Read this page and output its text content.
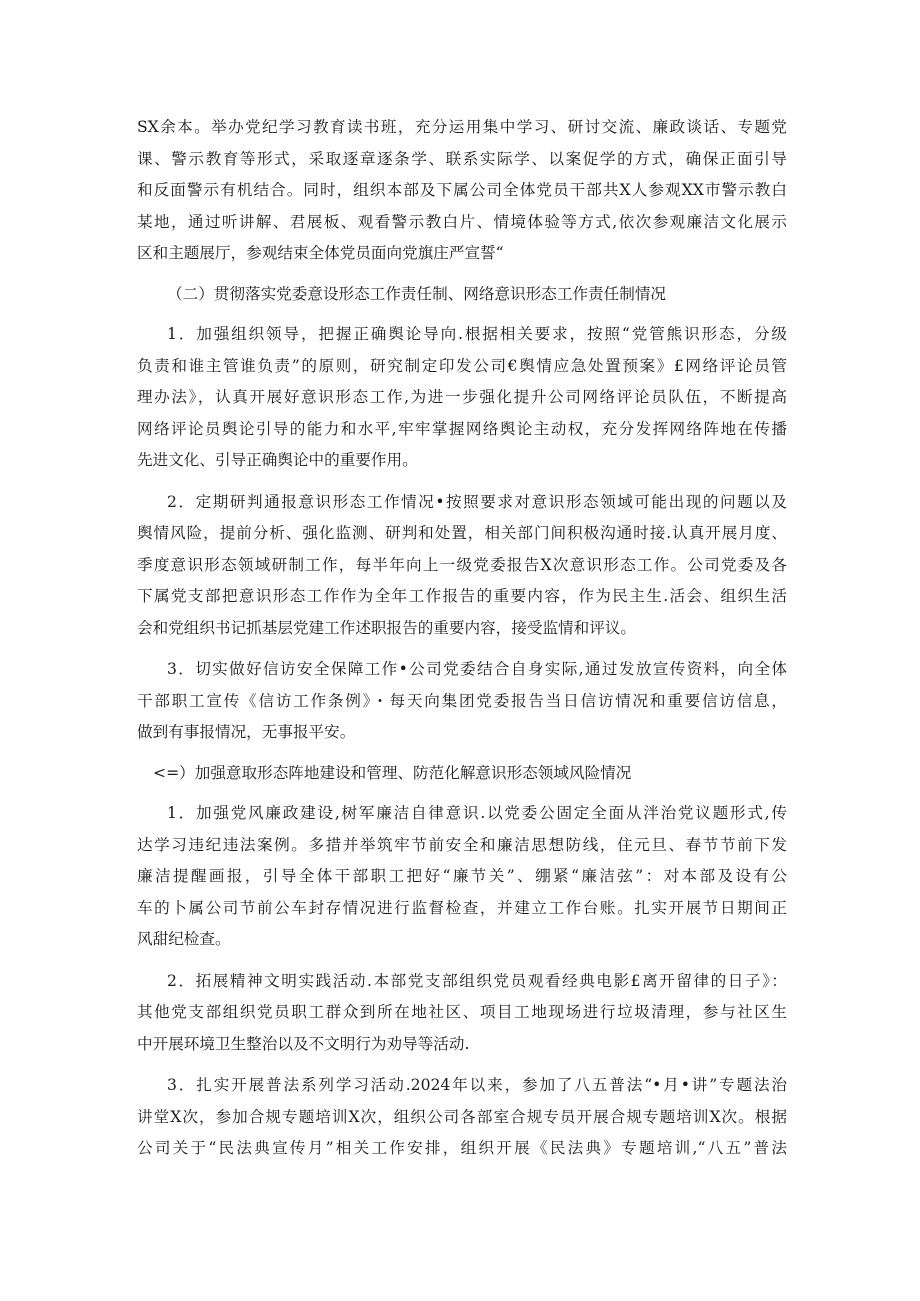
SX余本。举办党纪学习教育读书班，充分运用集中学习、研讨交流、廉政谈话、专题党
课、警示教育等形式，采取逐章逐条学、联系实际学、以案促学的方式，确保正面引导
和反面警示有机结合。同时，组织本部及下属公司全体党员干部共X人参观XX市警示教白
某地，通过听讲解、君展板、观看警示教白片、情境体验等方式,依次参观廉洁文化展示
区和主题展厅，参观结束全体党员面向党旗庄严宣誓“
（二）贯彻落实党委意设形态工作责任制、网络意识形态工作责任制情况
1．加强组织领导，把握正确舆论导向.根据相关要求，按照“党管熊识形态，分级
负责和谁主管谁负责”的原则，研究制定印发公司€舆情应急处置预案》£网络评论员管
理办法》，认真开展好意识形态工作,为进一步强化提升公司网络评论员队伍，不断提高
网络评论员舆论引导的能力和水平,牢牢掌握网络舆论主动权，充分发挥网络阵地在传播
先进文化、引导正确舆论中的重要作用。
2．定期研判通报意识形态工作情况•按照要求对意识形态领域可能出现的问题以及
舆情风险，提前分析、强化监测、研判和处置，相关部门间积极沟通时接.认真开展月度、
季度意识形态领域研制工作，每半年向上一级党委报告X次意识形态工作。公司党委及各
下属党支部把意识形态工作作为全年工作报告的重要内容，作为民主生.活会、组织生活
会和党组织书记抓基层党建工作述职报告的重要内容，接受监情和评议。
3．切实做好信访安全保障工作•公司党委结合自身实际,通过发放宣传资料，向全体
干部职工宣传《信访工作条例》・每天向集团党委报告当日信访情况和重要信访信息，
做到有事报情况，无事报平安。
<=）加强意取形态阵地建设和管理、防范化解意识形态领域风险情况
1．加强党风廉政建设,树军廉洁自律意识.以党委公固定全面从泮治党议题形式,传
达学习违纪违法案例。多措并举筑牢节前安全和廉洁思想防线，住元旦、春节节前下发
廉洁提醒画报，引导全体干部职工把好“廉节关”、绷紧“廉洁弦”：对本部及设有公
车的卜属公司节前公车封存情况进行监督检查，并建立工作台账。扎实开展节日期间正
风甜纪检查。
2．拓展精神文明实践活动.本部党支部组织党员观看经典电影£离开留律的日子》：
其他党支部组织党员职工群众到所在地社区、项目工地现场进行垃圾清理，参与社区生
中开展环境卫生整治以及不文明行为劝导等活动.
3．扎实开展普法系列学习活动.2024年以来，参加了八五普法“•月•讲”专题法治
讲堂X次，参加合规专题培训X次，组织公司各部室合规专员开展合规专题培训X次。根据
公司关于“民法典宣传月”相关工作安排，组织开展《民法典》专题培训,“八五”普法
